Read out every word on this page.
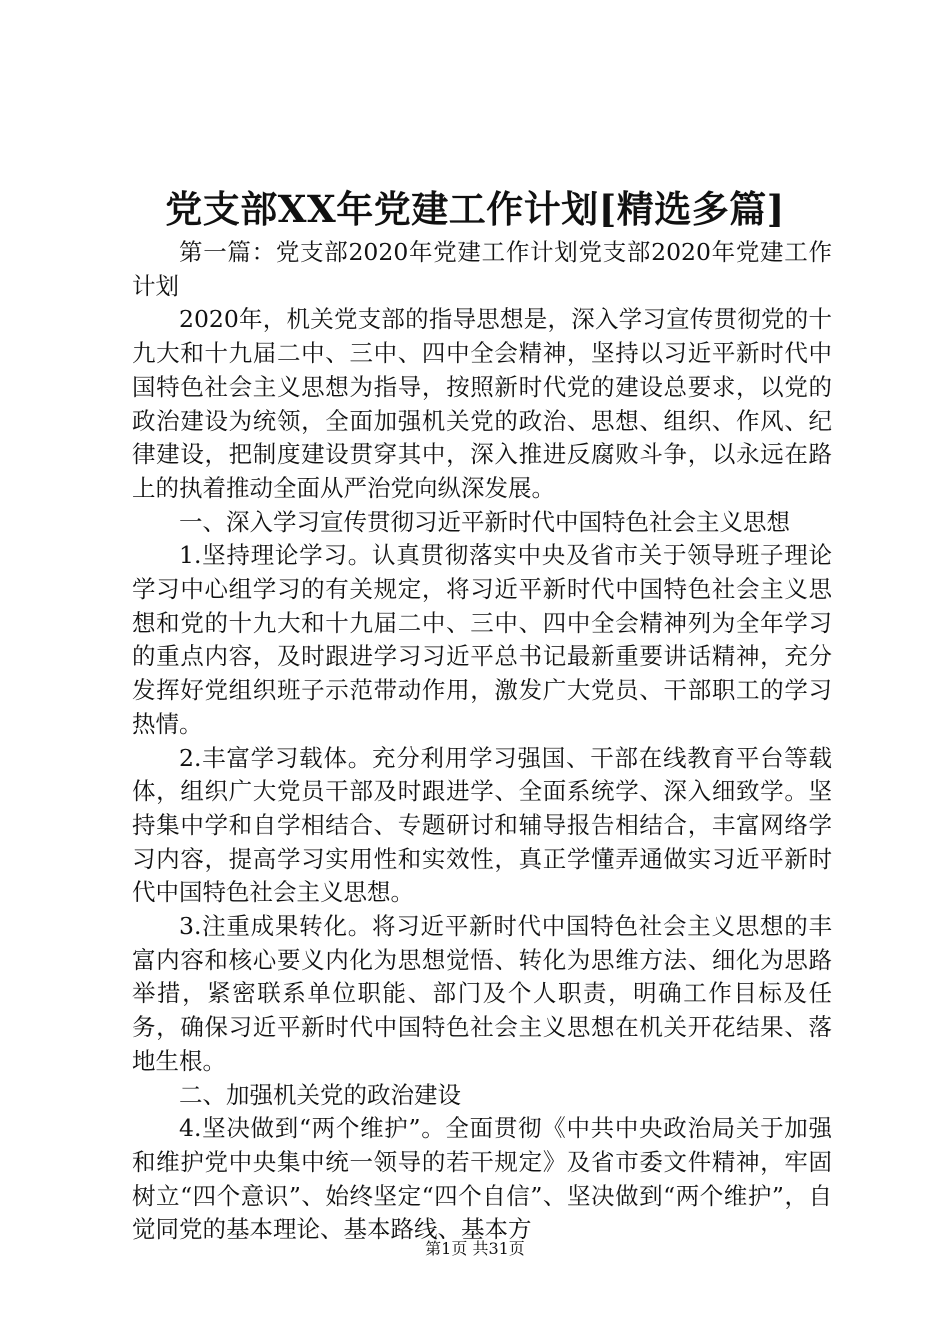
党支部XX年党建工作计划[精选多篇]

第一篇：党支部2020年党建工作计划党支部2020年党建工作计划

2020年，机关党支部的指导思想是，深入学习宣传贯彻党的十九大和十九届二中、三中、四中全会精神，坚持以习近平新时代中国特色社会主义思想为指导，按照新时代党的建设总要求，以党的政治建设为统领，全面加强机关党的政治、思想、组织、作风、纪律建设，把制度建设贯穿其中，深入推进反腐败斗争，以永远在路上的执着推动全面从严治党向纵深发展。

一、深入学习宣传贯彻习近平新时代中国特色社会主义思想

1.坚持理论学习。认真贯彻落实中央及省市关于领导班子理论学习中心组学习的有关规定，将习近平新时代中国特色社会主义思想和党的十九大和十九届二中、三中、四中全会精神列为全年学习的重点内容，及时跟进学习习近平总书记最新重要讲话精神，充分发挥好党组织班子示范带动作用，激发广大党员、干部职工的学习热情。

2.丰富学习载体。充分利用学习强国、干部在线教育平台等载体，组织广大党员干部及时跟进学、全面系统学、深入细致学。坚持集中学和自学相结合、专题研讨和辅导报告相结合，丰富网络学习内容，提高学习实用性和实效性，真正学懂弄通做实习近平新时代中国特色社会主义思想。

3.注重成果转化。将习近平新时代中国特色社会主义思想的丰富内容和核心要义内化为思想觉悟、转化为思维方法、细化为思路举措，紧密联系单位职能、部门及个人职责，明确工作目标及任务，确保习近平新时代中国特色社会主义思想在机关开花结果、落地生根。

二、加强机关党的政治建设

4.坚决做到“两个维护”。全面贯彻《中共中央政治局关于加强和维护党中央集中统一领导的若干规定》及省市委文件精神，牢固树立“四个意识”、始终坚定“四个自信”、坚决做到“两个维护”，自觉同党的基本理论、基本路线、基本方

第1页 共31页
